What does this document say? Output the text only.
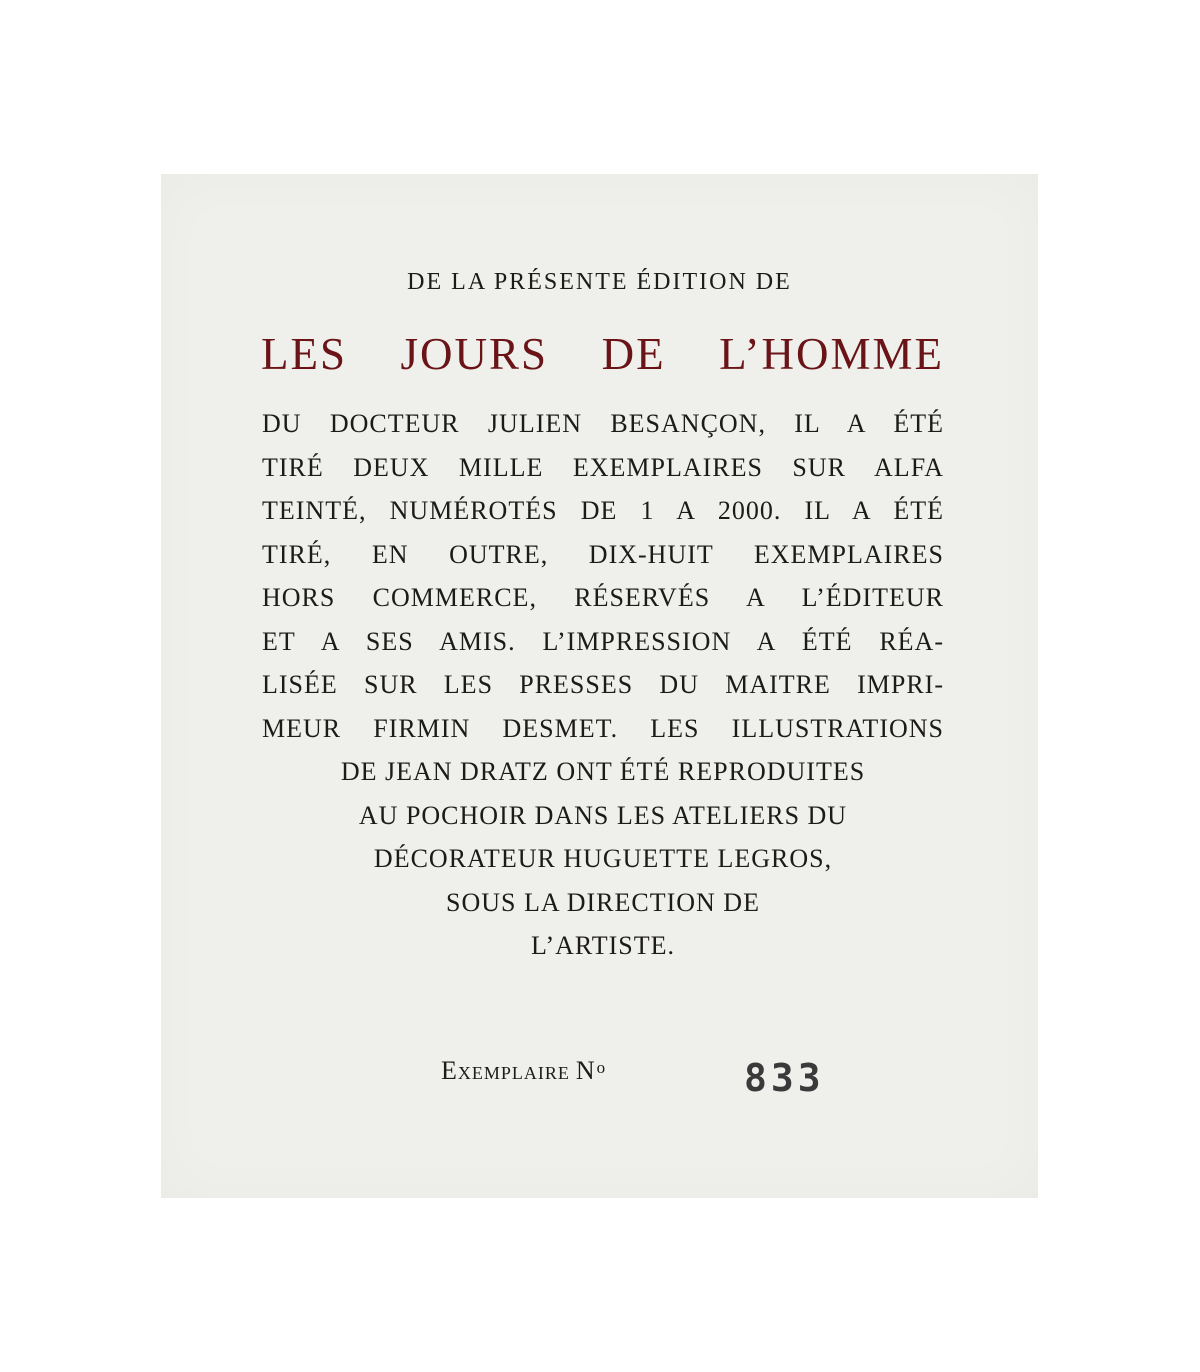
DE LA PRÉSENTE ÉDITION DE
LES JOURS DE L’HOMME
DU DOCTEUR JULIEN BESANÇON, IL A ÉTÉ
TIRÉ DEUX MILLE EXEMPLAIRES SUR ALFA
TEINTÉ, NUMÉROTÉS DE 1 A 2000. IL A ÉTÉ
TIRÉ, EN OUTRE, DIX-HUIT EXEMPLAIRES
HORS COMMERCE, RÉSERVÉS A L’ÉDITEUR
ET A SES AMIS. L’IMPRESSION A ÉTÉ RÉA-
LISÉE SUR LES PRESSES DU MAITRE IMPRI-
MEUR FIRMIN DESMET. LES ILLUSTRATIONS
DE JEAN DRATZ ONT ÉTÉ REPRODUITES
AU POCHOIR DANS LES ATELIERS DU
DÉCORATEUR HUGUETTE LEGROS,
SOUS LA DIRECTION DE
L’ARTISTE.
Exemplaire $N^o$	833
